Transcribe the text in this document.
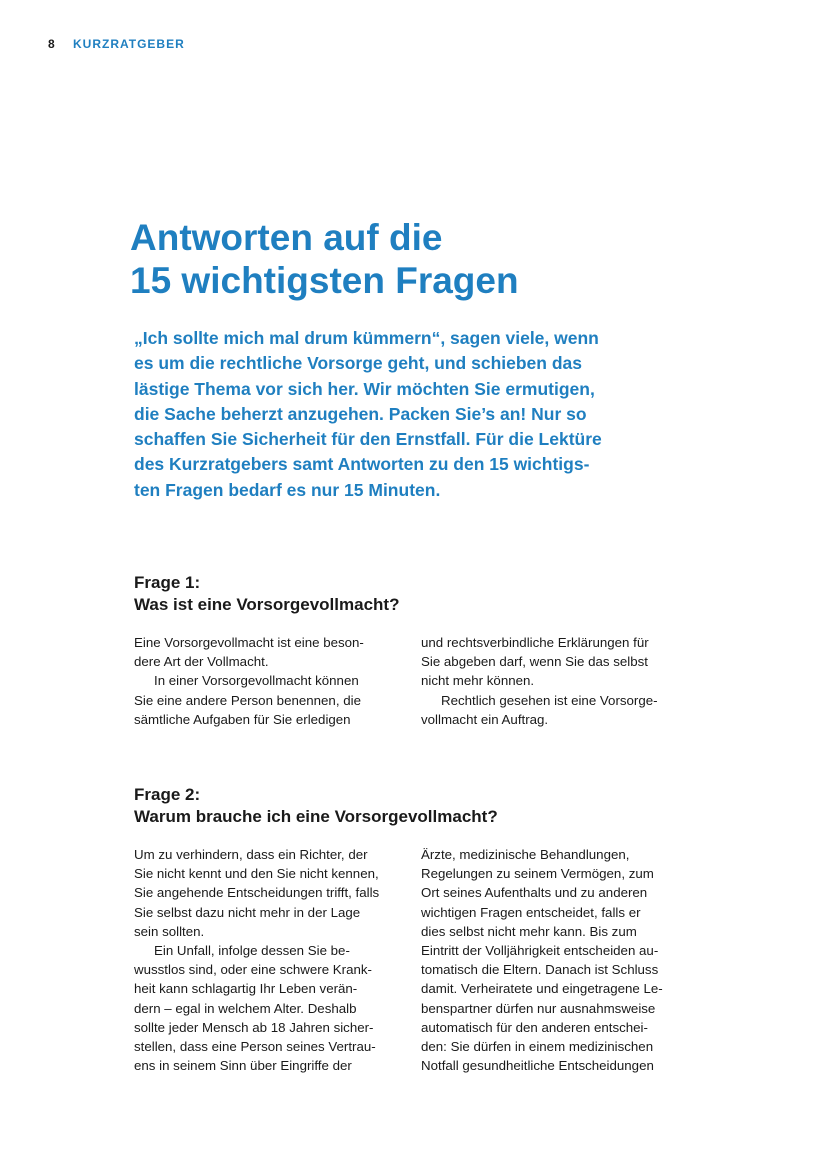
8 KURZRATGEBER
Antworten auf die
15 wichtigsten Fragen
„Ich sollte mich mal drum kümmern“, sagen viele, wenn
es um die rechtliche Vorsorge geht, und schieben das
lästige Thema vor sich her. Wir möchten Sie ermutigen,
die Sache beherzt anzugehen. Packen Sie’s an! Nur so
schaffen Sie Sicherheit für den Ernstfall. Für die Lektüre
des Kurzratgebers samt Antworten zu den 15 wichtigs-
ten Fragen bedarf es nur 15 Minuten.
Frage 1:
Was ist eine Vorsorgevollmacht?
Eine Vorsorgevollmacht ist eine beson-
dere Art der Vollmacht.
In einer Vorsorgevollmacht können
Sie eine andere Person benennen, die
sämtliche Aufgaben für Sie erledigen
und rechtsverbindliche Erklärungen für
Sie abgeben darf, wenn Sie das selbst
nicht mehr können.
Rechtlich gesehen ist eine Vorsorge-
vollmacht ein Auftrag.
Frage 2:
Warum brauche ich eine Vorsorgevollmacht?
Um zu verhindern, dass ein Richter, der
Sie nicht kennt und den Sie nicht kennen,
Sie angehende Entscheidungen trifft, falls
Sie selbst dazu nicht mehr in der Lage
sein sollten.
Ein Unfall, infolge dessen Sie be-
wusstlos sind, oder eine schwere Krank-
heit kann schlagartig Ihr Leben verän-
dern – egal in welchem Alter. Deshalb
sollte jeder Mensch ab 18 Jahren sicher-
stellen, dass eine Person seines Vertrau-
ens in seinem Sinn über Eingriffe der
Ärzte, medizinische Behandlungen,
Regelungen zu seinem Vermögen, zum
Ort seines Aufenthalts und zu anderen
wichtigen Fragen entscheidet, falls er
dies selbst nicht mehr kann. Bis zum
Eintritt der Volljährigkeit entscheiden au-
tomatisch die Eltern. Danach ist Schluss
damit. Verheiratete und eingetragene Le-
benspartner dürfen nur ausnahmsweise
automatisch für den anderen entschei-
den: Sie dürfen in einem medizinischen
Notfall gesundheitliche Entscheidungen
